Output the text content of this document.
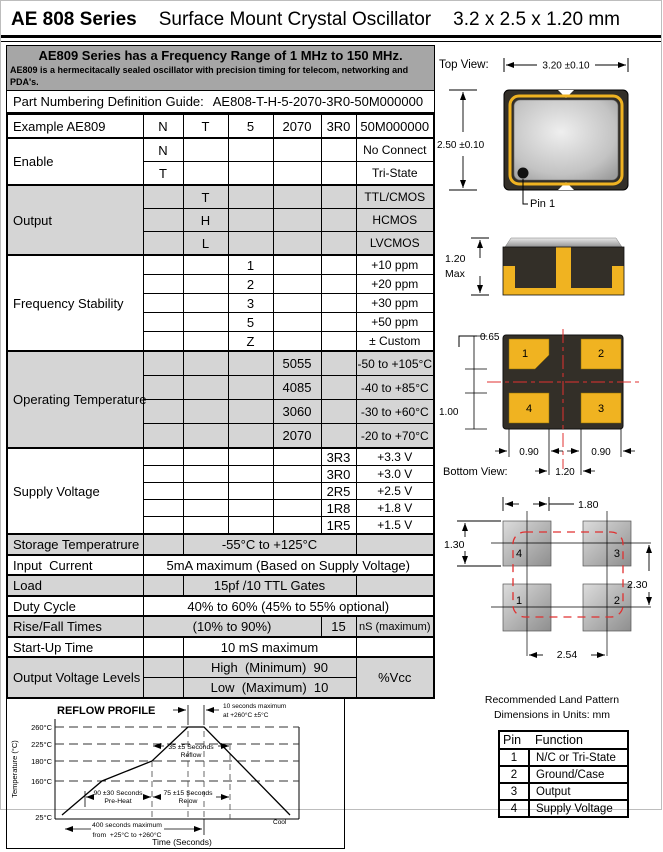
AE 808 Series Surface Mount Crystal Oscillator 3.2 x 2.5 x 1.20 mm
AE809 Series has a Frequency Range of 1 MHz to 150 MHz.
AE809 is a hermecitacally sealed oscillator with precision timing for telecom, networking and PDA's.
Part Numbering Definition Guide: AE808-T-H-5-2070-3R0-50M000000
Example AE809	N	T	5	2070	3R0	50M000000
Enable	N					No Connect
	T					Tri-State
Output		T				TTL/CMOS
		H				HCMOS
		L				LVCMOS
Frequency Stability			1			+10 ppm
			2			+20 ppm
			3			+30 ppm
			5			+50 ppm
			Z			± Custom
Operating Temperature				5055		-50 to +105°C
				4085		-40 to +85°C
				3060		-30 to +60°C
				2070		-20 to +70°C
Supply Voltage					3R3	+3.3 V
					3R0	+3.0 V
					2R5	+2.5 V
					1R8	+1.8 V
					1R5	+1.5 V
Storage Temperatrure		-55°C to +125°C				
Input  Current	5mA maximum (Based on Supply Voltage)					
Load		15pf /10 TTL Gates				
Duty Cycle	40% to 60% (45% to 55% optional)					
Rise/Fall Times	(10% to 90%)				15	nS (maximum)
Start-Up Time		10 mS maximum				
Output Voltage Levels		High  (Minimum)  90				%Vcc
		Low  (Maximum)  10				
REFLOW PROFILE
260°C
225°C
180°C
160°C
25°C
10 seconds maximum
at +260°C ±5°C
35 ±5 Seconds
Reflow
90 ±30 Seconds
Pre-Heat
75 ±15 Seconds
Relow
400 seconds maximum
from  +25°C to +260°C
Cool
Temperature (°C)
Time (Seconds)
Top View:	3.20 ±0.10
2.50 ±0.10
Pin 1
1.20
Max
0.65
1.00
1	2
4	3
0.90	0.90
1.20
Bottom View:
1.80
4	3
1	2
1.30
2.30
2.54
Recommended Land Pattern
Dimensions in Units: mm
Pin	Function
1	N/C or Tri-State
2	Ground/Case
3	Output
4	Supply Voltage
